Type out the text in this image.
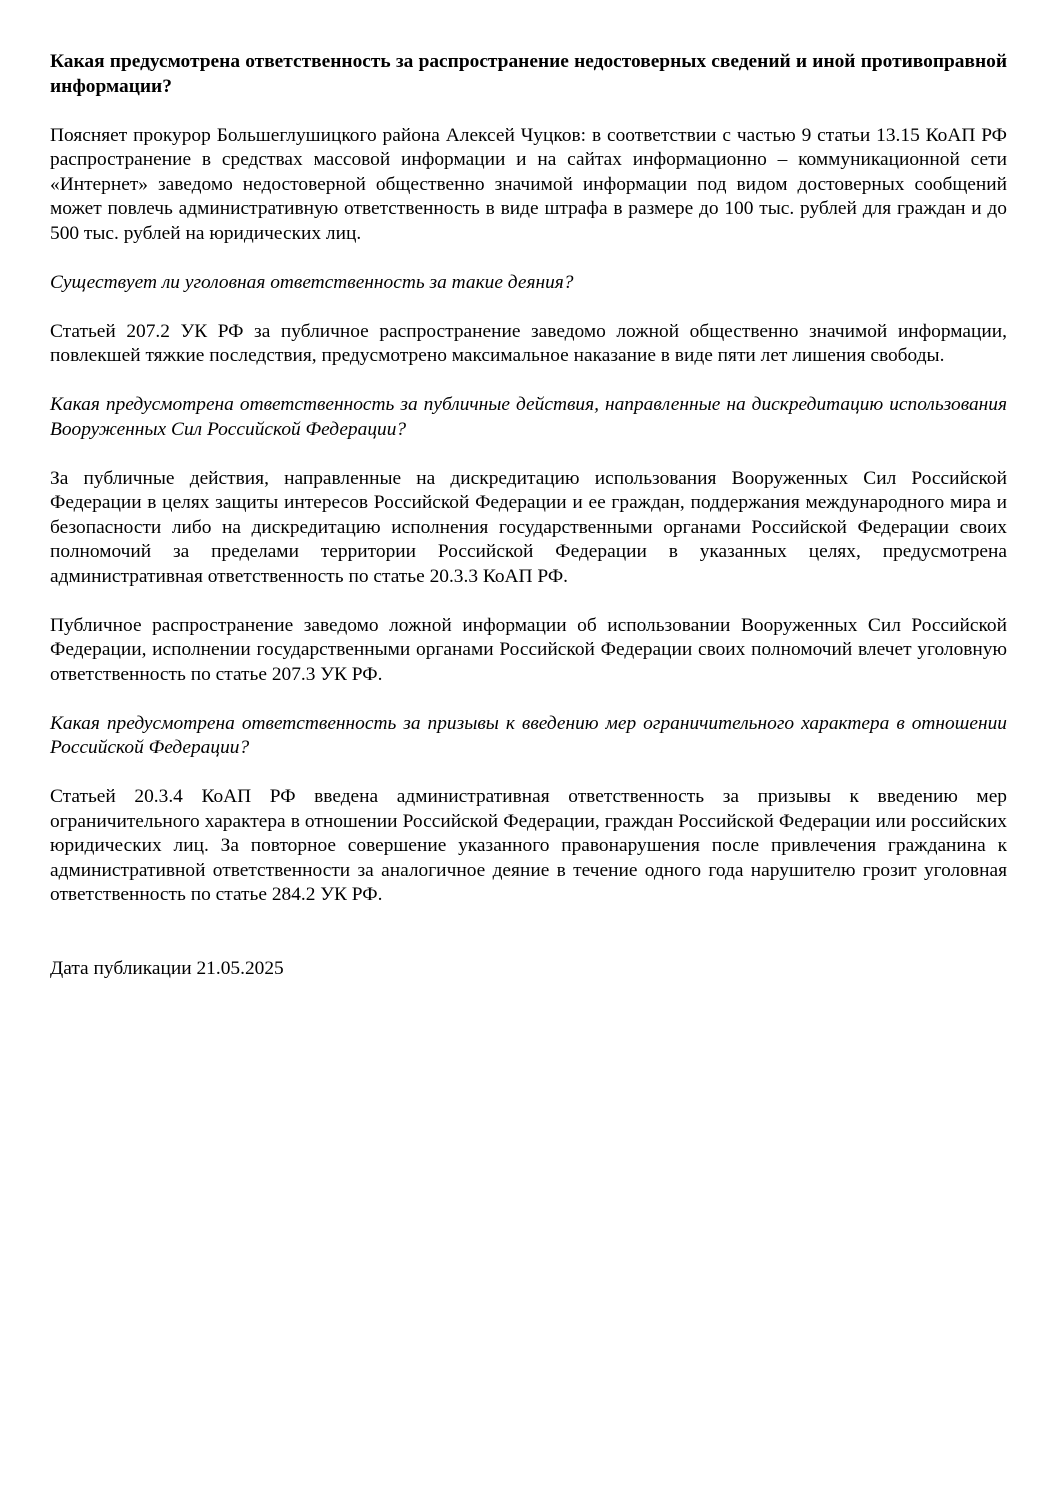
Какая предусмотрена ответственность за распространение недостоверных сведений и иной противоправной информации?

Поясняет прокурор Большеглушицкого района Алексей Чуцков: в соответствии с частью 9 статьи 13.15 КоАП РФ распространение в средствах массовой информации и на сайтах информационно – коммуникационной сети «Интернет» заведомо недостоверной общественно значимой информации под видом достоверных сообщений может повлечь административную ответственность в виде штрафа в размере до 100 тыс. рублей для граждан и до 500 тыс. рублей на юридических лиц.

Существует ли уголовная ответственность за такие деяния?

Статьей 207.2 УК РФ за публичное распространение заведомо ложной общественно значимой информации, повлекшей тяжкие последствия, предусмотрено максимальное наказание в виде пяти лет лишения свободы.

Какая предусмотрена ответственность за публичные действия, направленные на дискредитацию использования Вооруженных Сил Российской Федерации?

За публичные действия, направленные на дискредитацию использования Вооруженных Сил Российской Федерации в целях защиты интересов Российской Федерации и ее граждан, поддержания международного мира и безопасности либо на дискредитацию исполнения государственными органами Российской Федерации своих полномочий за пределами территории Российской Федерации в указанных целях, предусмотрена административная ответственность по статье 20.3.3 КоАП РФ.

Публичное распространение заведомо ложной информации об использовании Вооруженных Сил Российской Федерации, исполнении государственными органами Российской Федерации своих полномочий влечет уголовную ответственность по статье 207.3 УК РФ.

Какая предусмотрена ответственность за призывы к введению мер ограничительного характера в отношении Российской Федерации?

Статьей 20.3.4 КоАП РФ введена административная ответственность за призывы к введению мер ограничительного характера в отношении Российской Федерации, граждан Российской Федерации или российских юридических лиц. За повторное совершение указанного правонарушения после привлечения гражданина к административной ответственности за аналогичное деяние в течение одного года нарушителю грозит уголовная ответственность по статье 284.2 УК РФ.

Дата публикации 21.05.2025
